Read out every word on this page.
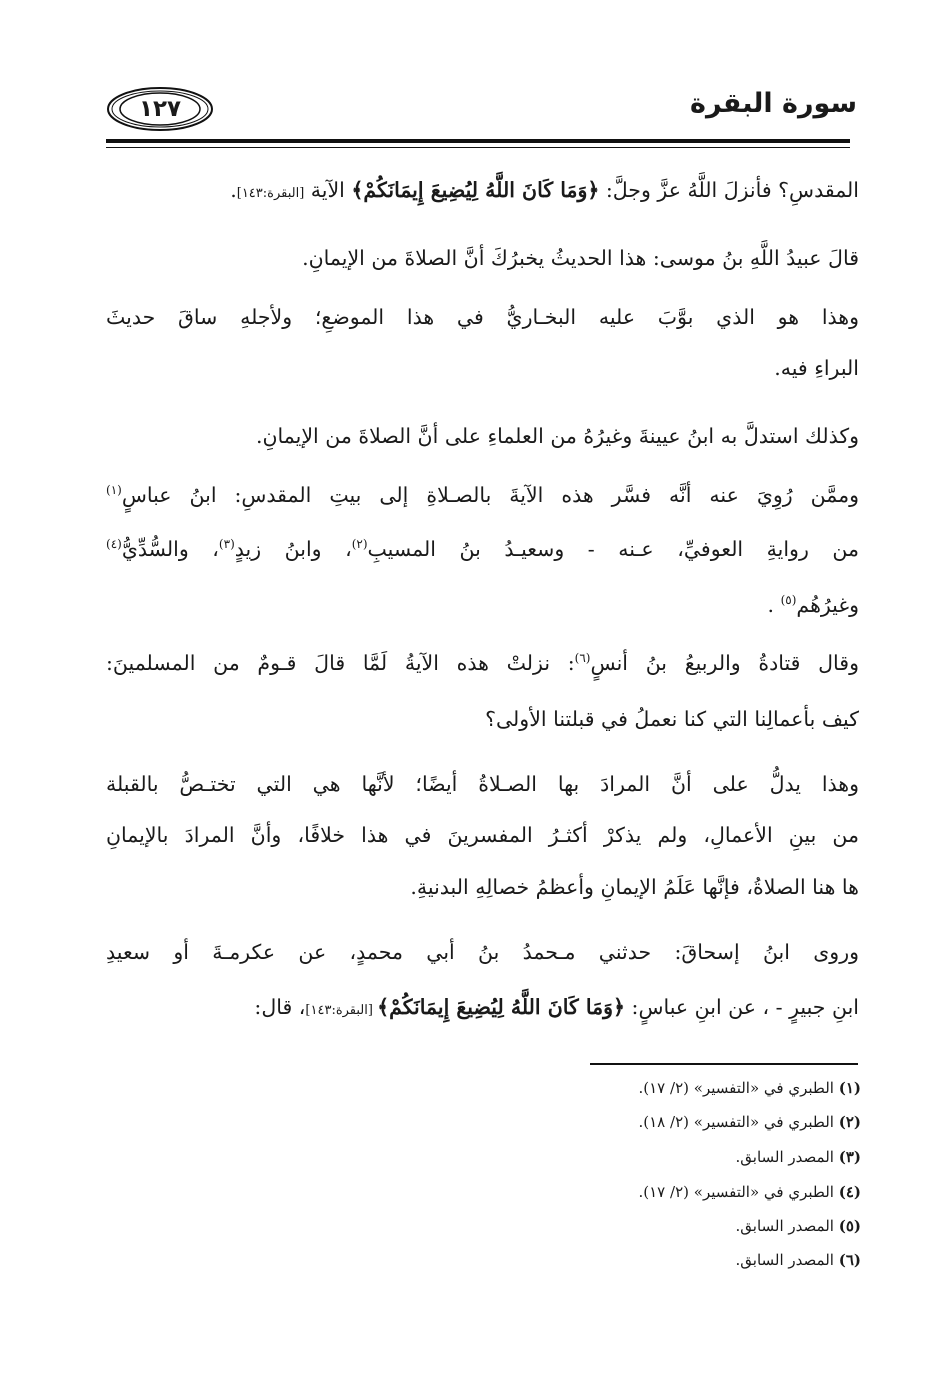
سورة البقرة
١٢٧
المقدسِ؟ فأنزلَ اللَّهُ عزَّ وجلَّ: ﴿وَمَا كَانَ اللَّهُ لِيُضِيعَ إِيمَانَكُمْ﴾ الآية [البقرة:١٤٣].
قالَ عبيدُ اللَّهِ بنُ موسى: هذا الحديثُ يخبرُكَ أنَّ الصلاةَ من الإيمانِ.
وهذا هو الذي بوَّبَ عليه البخـاريُّ في هذا الموضعِ؛ ولأجلهِ ساقَ حديثَ
البراءِ فيه.
وكذلك استدلَّ به ابنُ عيينةَ وغيرُهُ من العلماءِ على أنَّ الصلاةَ من الإيمانِ.
وممَّن رُوِيَ عنه أنَّه فسَّر هذه الآيةَ بالصـلاةِ إلى بيتِ المقدسِ: ابنُ عباسٍ$^{(١)}$
من روايةِ العوفيِّ، عـنه - وسعيـدُ بنُ المسيبِ$^{(٢)}$، وابنُ زيدٍ$^{(٣)}$، والسُّدِّيُّ$^{(٤)}$
وغيرُهُم$^{(٥)}$ .
وقال قتادةُ والربيعُ بنُ أنسٍ$^{(٦)}$: نزلتْ هذه الآيةُ لَمَّا قالَ قـومٌ من المسلمينَ:
كيف بأعمالِنا التي كنا نعملُ في قبلتنا الأولى؟
وهذا يدلُّ على أنَّ المرادَ بها الصـلاةُ أيضًا؛ لأنَّها هي التي تختـصُّ بالقبلة
من بينِ الأعمالِ، ولم يذكرْ أكثـرُ المفسرينَ في هذا خلافًا، وأنَّ المرادَ بالإيمانِ
ها هنا الصلاةُ، فإنَّها عَلَمُ الإيمانِ وأعظمُ خصالِهِ البدنيةِ.
وروى ابنُ إسحاقَ: حدثني مـحمدُ بنُ أبي محمدٍ، عن عكرمـةَ أو سعيدِ
ابنِ جبيرٍ - ، عن ابنِ عباسٍ: ﴿وَمَا كَانَ اللَّهُ لِيُضِيعَ إِيمَانَكُمْ﴾ [البقرة:١٤٣]، قال:
(١) الطبري في «التفسير» (٢/ ١٧).
(٢) الطبري في «التفسير» (٢/ ١٨).
(٣) المصدر السابق.
(٤) الطبري في «التفسير» (٢/ ١٧).
(٥) المصدر السابق.
(٦) المصدر السابق.
